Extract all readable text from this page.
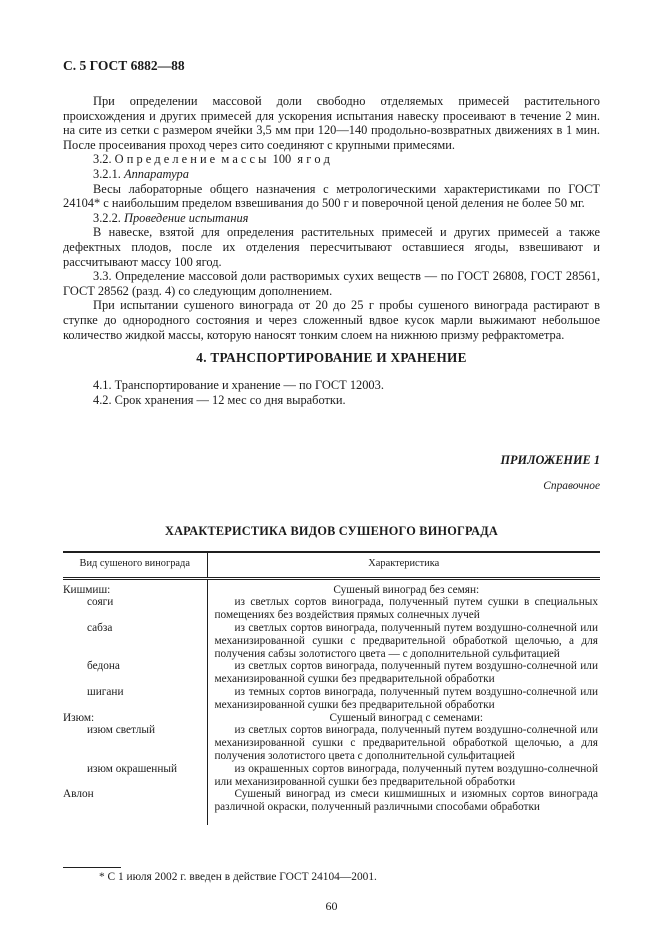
С. 5 ГОСТ 6882—88

При определении массовой доли свободно отделяемых примесей растительного происхождения и других примесей для ускорения испытания навеску просеивают в течение 2 мин. на сите из сетки с размером ячейки 3,5 мм при 120—140 продольно-возвратных движениях в 1 мин. После просеивания проход через сито соединяют с крупными примесями.

3.2. О п р е д е л е н и е  м а с с ы  100  я г о д

3.2.1. Аппаратура

Весы лабораторные общего назначения с метрологическими характеристиками по ГОСТ 24104* с наибольшим пределом взвешивания до 500 г и поверочной ценой деления не более 50 мг.

3.2.2. Проведение испытания

В навеске, взятой для определения растительных примесей и других примесей а также дефектных плодов, после их отделения пересчитывают оставшиеся ягоды, взвешивают и рассчитывают массу 100 ягод.

3.3. Определение массовой доли растворимых сухих веществ — по ГОСТ 26808, ГОСТ 28561, ГОСТ 28562 (разд. 4) со следующим дополнением.

При испытании сушеного винограда от 20 до 25 г пробы сушеного винограда растирают в ступке до однородного состояния и через сложенный вдвое кусок марли выжимают небольшое количество жидкой массы, которую наносят тонким слоем на нижнюю призму рефрактометра.

4. ТРАНСПОРТИРОВАНИЕ И ХРАНЕНИЕ

4.1. Транспортирование и хранение — по ГОСТ 12003.

4.2. Срок хранения — 12 мес со дня выработки.

ПРИЛОЖЕНИЕ 1

Справочное

ХАРАКТЕРИСТИКА ВИДОВ СУШЕНОГО ВИНОГРАДА
Вид сушеного винограда	Характеристика
Кишмиш:	Сушеный виноград без семян:

сояги	из светлых сортов винограда, полученный путем сушки в специальных помещениях без воздействия прямых солнечных лучей

сабза	из светлых сортов винограда, полученный путем воздушно-солнечной или механизированной сушки с предварительной обработкой щелочью, а для получения сабзы золотистого цвета — с дополнительной сульфитацией

бедона	из светлых сортов винограда, полученный путем воздушно-солнечной или механизированной сушки без предварительной обработки

шигани	из темных сортов винограда, полученный путем воздушно-солнечной или механизированной сушки без предварительной обработки

Изюм:	Сушеный виноград с семенами:

изюм светлый	из светлых сортов винограда, полученный путем воздушно-солнечной или механизированной сушки с предварительной обработкой щелочью, а для получения золотистого цвета с дополнительной сульфитацией

изюм окрашенный	из окрашенных сортов винограда, полученный путем воздушно-солнечной или механизированной сушки без предварительной обработки

Авлон	Сушеный виноград из смеси кишмишных и изюмных сортов винограда различной окраски, полученный различными способами обработки

* С 1 июля 2002 г. введен в действие ГОСТ 24104—2001.

60
